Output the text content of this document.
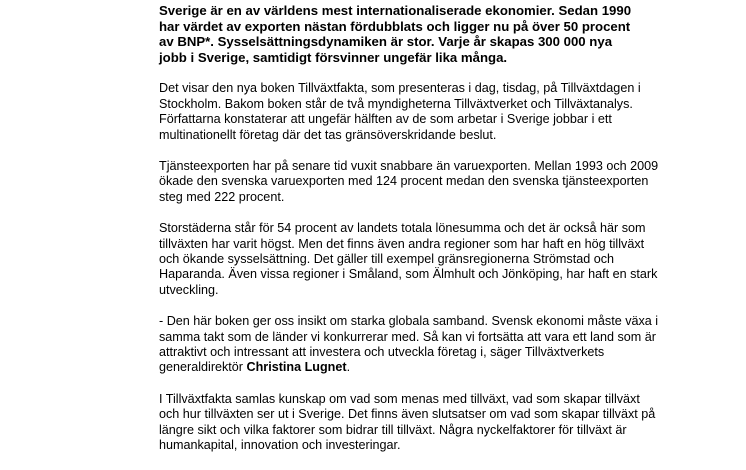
Sverige är en av världens mest internationaliserade ekonomier. Sedan 1990
har värdet av exporten nästan fördubblats och ligger nu på över 50 procent
av BNP*. Sysselsättningsdynamiken är stor. Varje år skapas 300 000 nya
jobb i Sverige, samtidigt försvinner ungefär lika många.
Det visar den nya boken Tillväxtfakta, som presenteras i dag, tisdag, på Tillväxtdagen i
Stockholm. Bakom boken står de två myndigheterna Tillväxtverket och Tillväxtanalys.
Författarna konstaterar att ungefär hälften av de som arbetar i Sverige jobbar i ett
multinationellt företag där det tas gränsöverskridande beslut.
Tjänsteexporten har på senare tid vuxit snabbare än varuexporten. Mellan 1993 och 2009
ökade den svenska varuexporten med 124 procent medan den svenska tjänsteexporten
steg med 222 procent.
Storstäderna står för 54 procent av landets totala lönesumma och det är också här som
tillväxten har varit högst. Men det finns även andra regioner som har haft en hög tillväxt
och ökande sysselsättning. Det gäller till exempel gränsregionerna Strömstad och
Haparanda. Även vissa regioner i Småland, som Älmhult och Jönköping, har haft en stark
utveckling.
- Den här boken ger oss insikt om starka globala samband. Svensk ekonomi måste växa i
samma takt som de länder vi konkurrerar med. Så kan vi fortsätta att vara ett land som är
attraktivt och intressant att investera och utveckla företag i, säger Tillväxtverkets
generaldirektör Christina Lugnet.
I Tillväxtfakta samlas kunskap om vad som menas med tillväxt, vad som skapar tillväxt
och hur tillväxten ser ut i Sverige. Det finns även slutsatser om vad som skapar tillväxt på
längre sikt och vilka faktorer som bidrar till tillväxt. Några nyckelfaktorer för tillväxt är
humankapital, innovation och investeringar.
